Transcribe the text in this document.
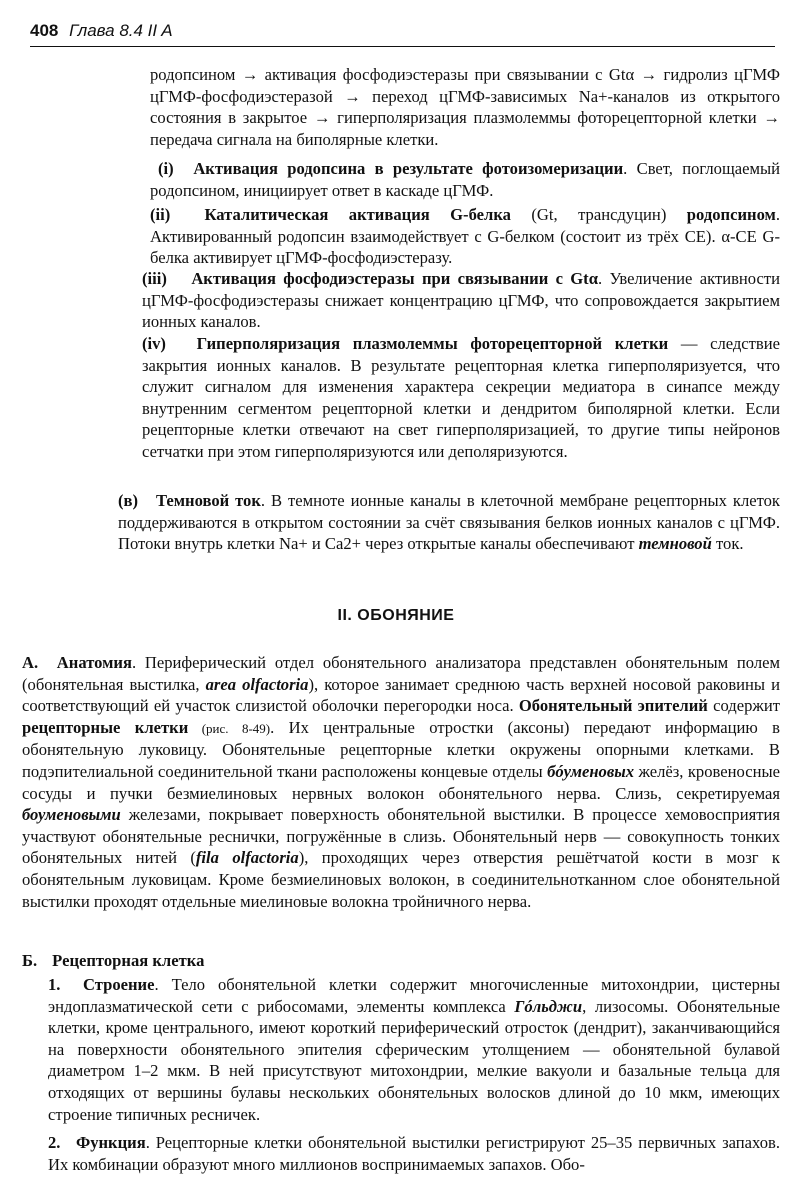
408 Глава 8.4 II A
родопсином → активация фосфодиэстеразы при связывании с Gtα → гидролиз цГМФ цГМФ-фосфодиэстеразой → переход цГМФ-зависимых Na+-каналов из открытого состояния в закрытое → гиперполяризация плазмолеммы фоторецепторной клетки → передача сигнала на биполярные клетки.
(i) Активация родопсина в результате фотоизомеризации. Свет, поглощаемый родопсином, инициирует ответ в каскаде цГМФ.
(ii) Каталитическая активация G-белка (Gt, трансдуцин) родопсином. Активированный родопсин взаимодействует с G-белком (состоит из трёх СЕ). α-СЕ G-белка активирует цГМФ-фосфодиэстеразу.
(iii) Активация фосфодиэстеразы при связывании с Gtα. Увеличение активности цГМФ-фосфодиэстеразы снижает концентрацию цГМФ, что сопровождается закрытием ионных каналов.
(iv) Гиперполяризация плазмолеммы фоторецепторной клетки — следствие закрытия ионных каналов. В результате рецепторная клетка гиперполяризуется, что служит сигналом для изменения характера секреции медиатора в синапсе между внутренним сегментом рецепторной клетки и дендритом биполярной клетки. Если рецепторные клетки отвечают на свет гиперполяризацией, то другие типы нейронов сетчатки при этом гиперполяризуются или деполяризуются.
(в) Темновой ток. В темноте ионные каналы в клеточной мембране рецепторных клеток поддерживаются в открытом состоянии за счёт связывания белков ионных каналов с цГМФ. Потоки внутрь клетки Na+ и Ca2+ через открытые каналы обеспечивают темновой ток.
II. ОБОНЯНИЕ
А. Анатомия. Периферический отдел обонятельного анализатора представлен обонятельным полем (обонятельная выстилка, area olfactoria), которое занимает среднюю часть верхней носовой раковины и соответствующий ей участок слизистой оболочки перегородки носа. Обонятельный эпителий содержит рецепторные клетки (рис. 8-49). Их центральные отростки (аксоны) передают информацию в обонятельную луковицу. Обонятельные рецепторные клетки окружены опорными клетками. В подэпителиальной соединительной ткани расположены концевые отделы бóуменовых желёз, кровеносные сосуды и пучки безмиелиновых нервных волокон обонятельного нерва. Слизь, секретируемая боуменовыми железами, покрывает поверхность обонятельной выстилки. В процессе хемовосприятия участвуют обонятельные реснички, погружённые в слизь. Обонятельный нерв — совокупность тонких обонятельных нитей (fila olfactoria), проходящих через отверстия решётчатой кости в мозг к обонятельным луковицам. Кроме безмиелиновых волокон, в соединительнотканном слое обонятельной выстилки проходят отдельные миелиновые волокна тройничного нерва.
Б. Рецепторная клетка
1. Строение. Тело обонятельной клетки содержит многочисленные митохондрии, цистерны эндоплазматической сети с рибосомами, элементы комплекса Гóльджи, лизосомы. Обонятельные клетки, кроме центрального, имеют короткий периферический отросток (дендрит), заканчивающийся на поверхности обонятельного эпителия сферическим утолщением — обонятельной булавой диаметром 1–2 мкм. В ней присутствуют митохондрии, мелкие вакуоли и базальные тельца для отходящих от вершины булавы нескольких обонятельных волосков длиной до 10 мкм, имеющих строение типичных ресничек.
2. Функция. Рецепторные клетки обонятельной выстилки регистрируют 25–35 первичных запахов. Их комбинации образуют много миллионов воспринимаемых запахов. Обо-
